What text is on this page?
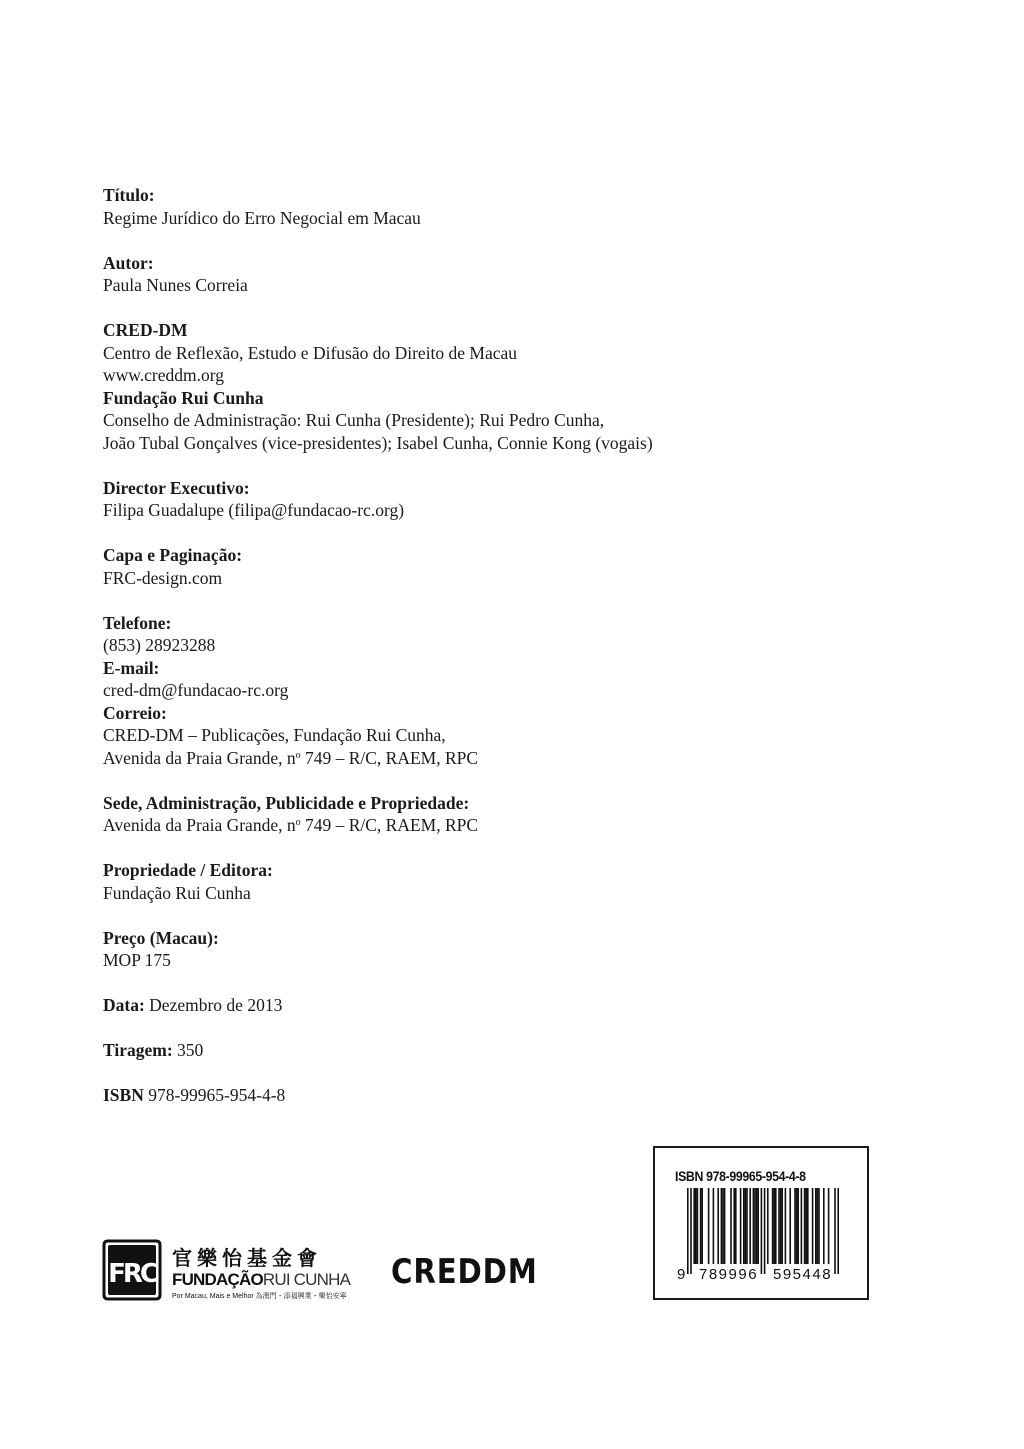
Título:
Regime Jurídico do Erro Negocial em Macau
Autor:
Paula Nunes Correia
CRED-DM
Centro de Reflexão, Estudo e Difusão do Direito de Macau
www.creddm.org
Fundação Rui Cunha
Conselho de Administração: Rui Cunha (Presidente); Rui Pedro Cunha,
João Tubal Gonçalves (vice-presidentes); Isabel Cunha, Connie Kong (vogais)
Director Executivo:
Filipa Guadalupe (filipa@fundacao-rc.org)
Capa e Paginação:
FRC-design.com
Telefone:
(853) 28923288
E-mail:
cred-dm@fundacao-rc.org
Correio:
CRED-DM – Publicações, Fundação Rui Cunha,
Avenida da Praia Grande, $n^o$ 749 – R/C, RAEM, RPC
Sede, Administração, Publicidade e Propriedade:
Avenida da Praia Grande, $n^o$ 749 – R/C, RAEM, RPC
Propriedade / Editora:
Fundação Rui Cunha
Preço (Macau):
MOP 175
Data: Dezembro de 2013
Tiragem: 350
ISBN 978-99965-954-4-8
FRC
官樂怡基金會
FUNDAÇÃORUI CUNHA
Por Macau, Mais e Melhor 為澳門・添福興業・樂怡安寧
CREDDM
ISBN 978-99965-954-4-8
9 789996 595448
